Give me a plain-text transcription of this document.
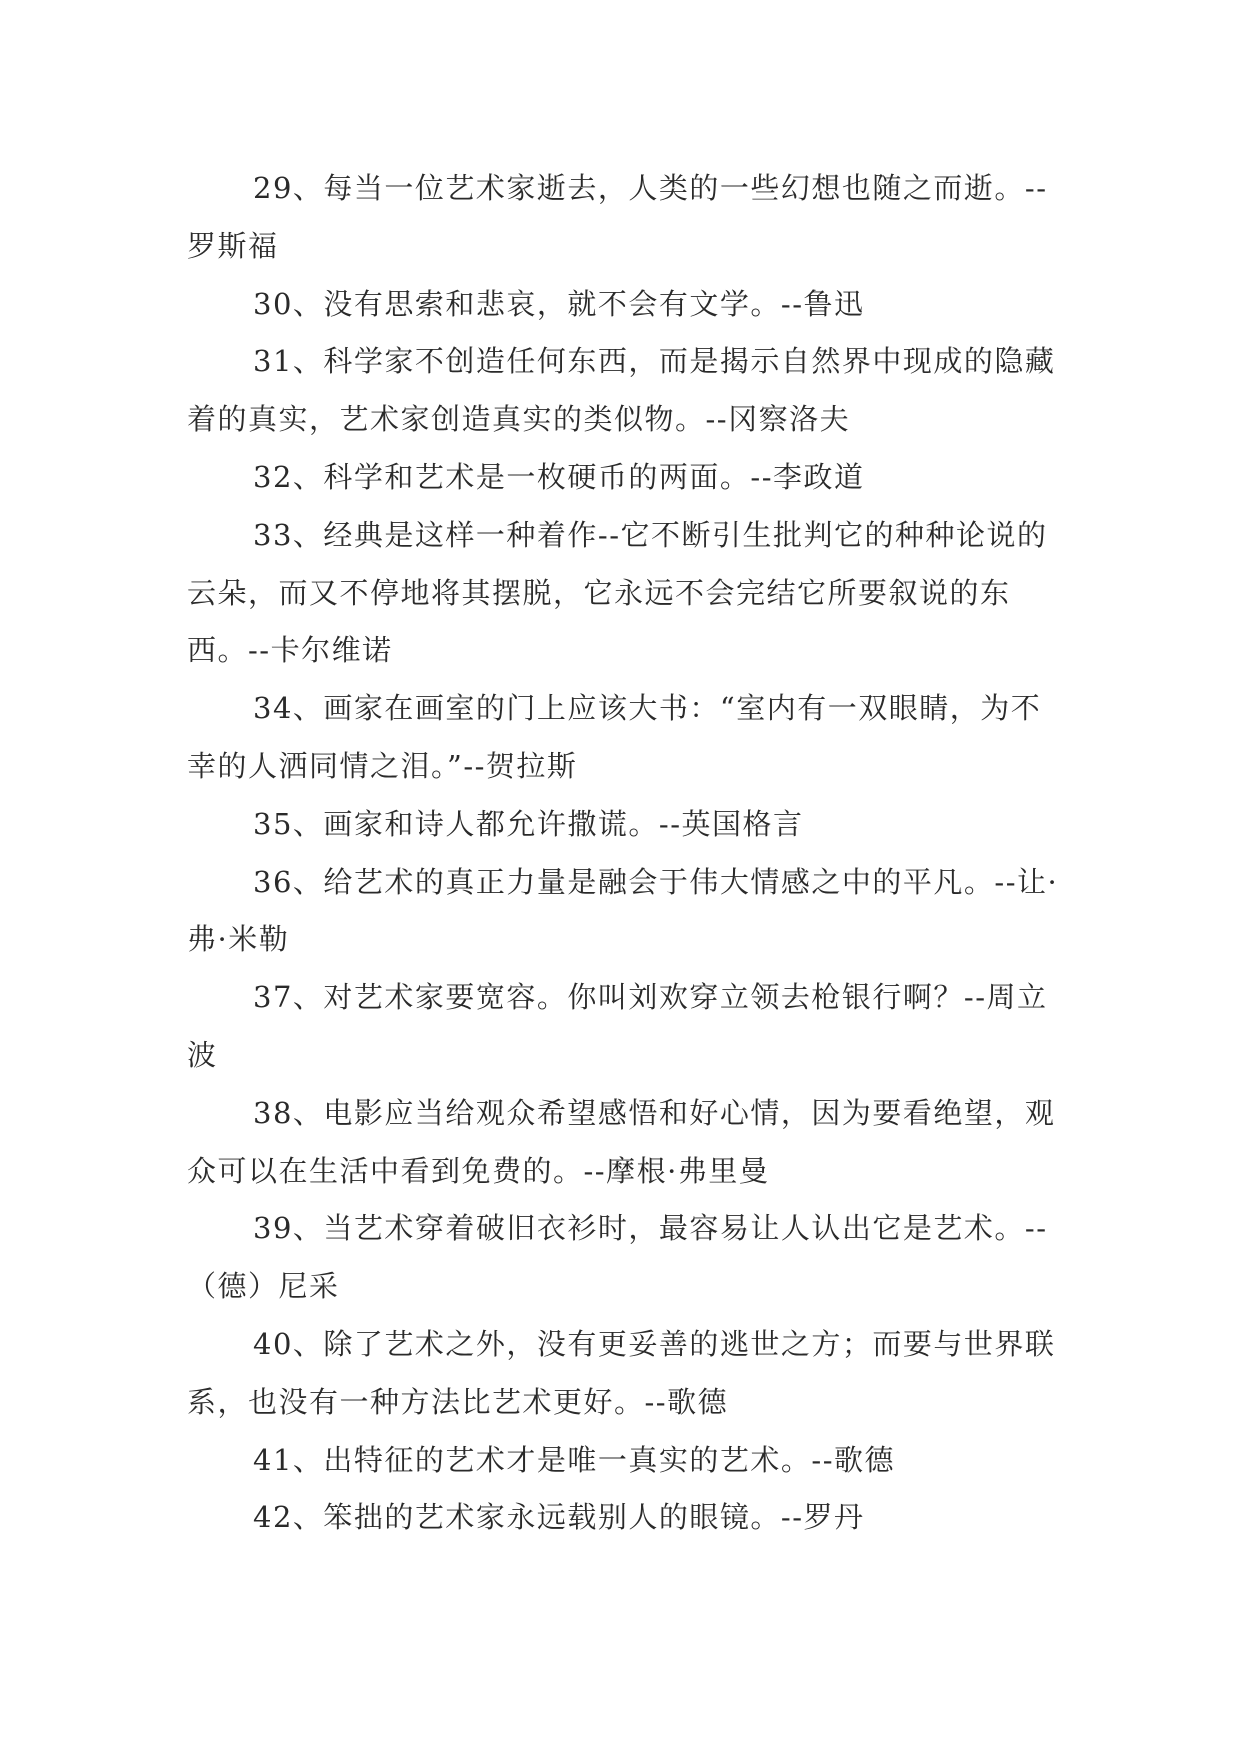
29、每当一位艺术家逝去，人类的一些幻想也随之而逝。--罗斯福

30、没有思索和悲哀，就不会有文学。--鲁迅

31、科学家不创造任何东西，而是揭示自然界中现成的隐藏着的真实，艺术家创造真实的类似物。--冈察洛夫

32、科学和艺术是一枚硬币的两面。--李政道

33、经典是这样一种着作--它不断引生批判它的种种论说的云朵，而又不停地将其摆脱，它永远不会完结它所要叙说的东西。--卡尔维诺

34、画家在画室的门上应该大书：“室内有一双眼睛，为不幸的人洒同情之泪。”--贺拉斯

35、画家和诗人都允许撒谎。--英国格言

36、给艺术的真正力量是融会于伟大情感之中的平凡。--让·弗·米勒

37、对艺术家要宽容。你叫刘欢穿立领去枪银行啊？--周立波

38、电影应当给观众希望感悟和好心情，因为要看绝望，观众可以在生活中看到免费的。--摩根·弗里曼

39、当艺术穿着破旧衣衫时，最容易让人认出它是艺术。--（德）尼采

40、除了艺术之外，没有更妥善的逃世之方；而要与世界联系，也没有一种方法比艺术更好。--歌德

41、出特征的艺术才是唯一真实的艺术。--歌德

42、笨拙的艺术家永远载别人的眼镜。--罗丹
